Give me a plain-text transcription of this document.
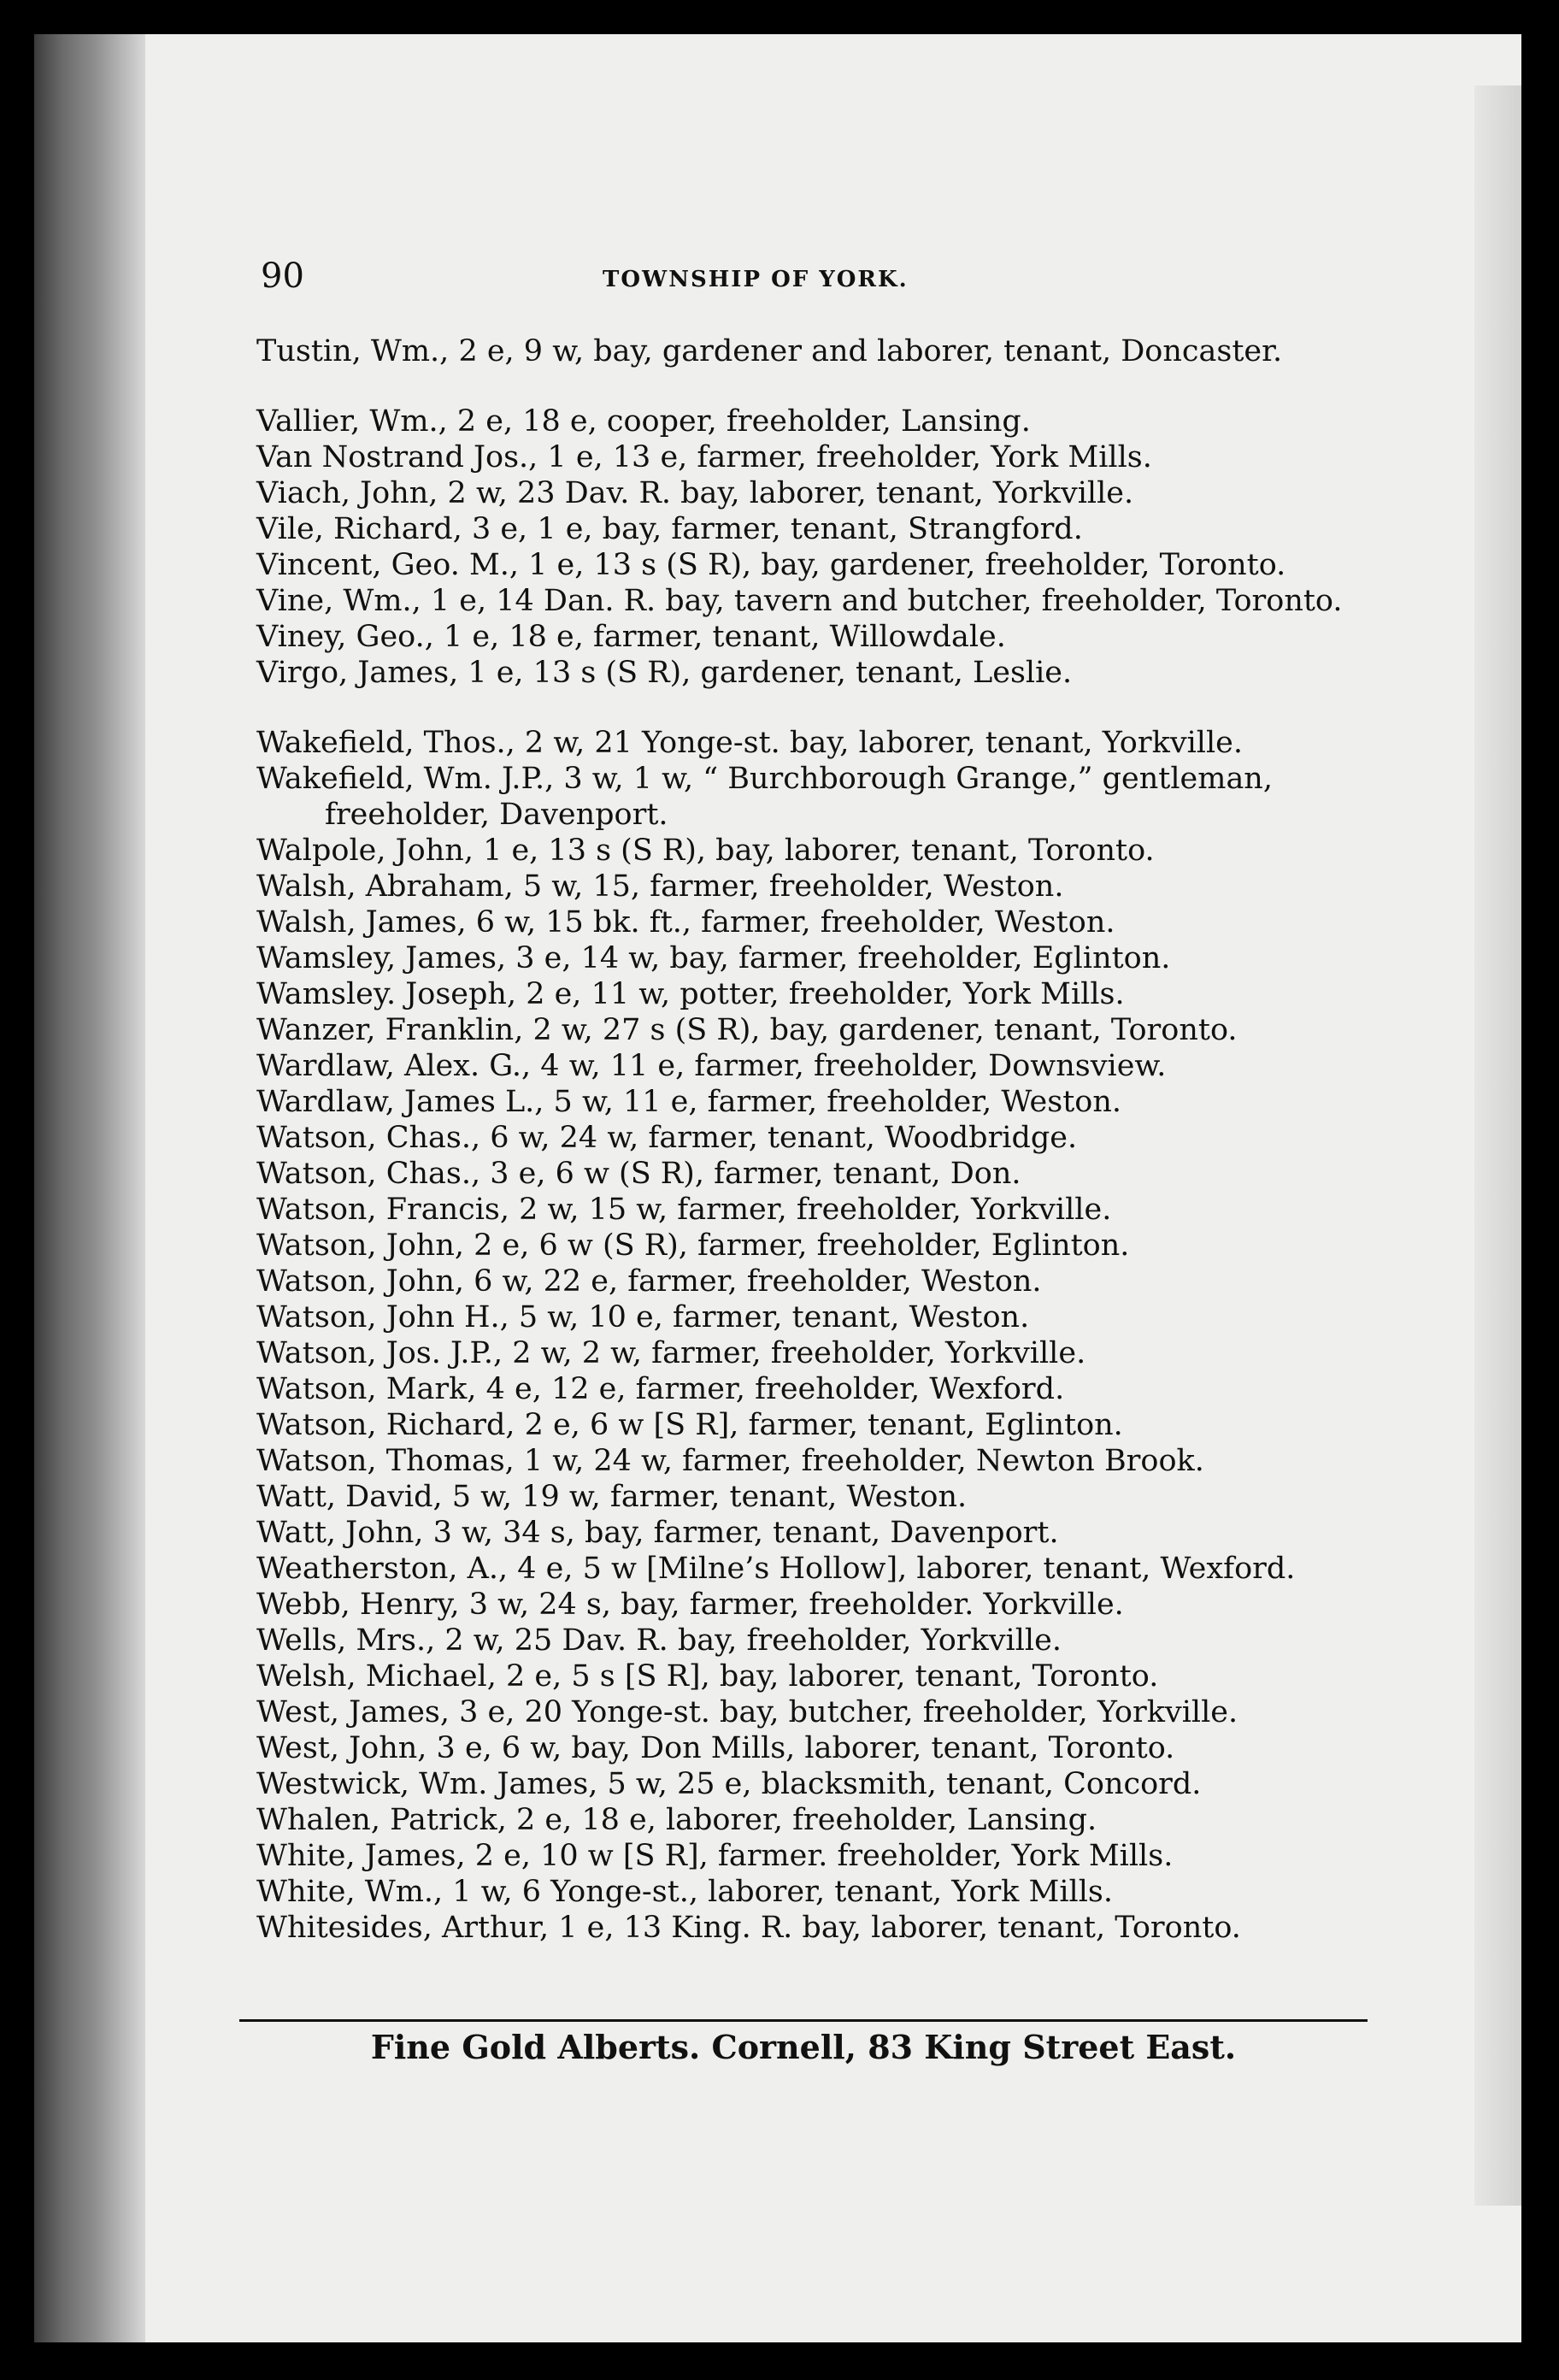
90	TOWNSHIP OF YORK.
Tustin, Wm., 2 e, 9 w, bay, gardener and laborer, tenant, Doncaster.
Vallier, Wm., 2 e, 18 e, cooper, freeholder, Lansing.
Van Nostrand Jos., 1 e, 13 e, farmer, freeholder, York Mills.
Viach, John, 2 w, 23 Dav. R. bay, laborer, tenant, Yorkville.
Vile, Richard, 3 e, 1 e, bay, farmer, tenant, Strangford.
Vincent, Geo. M., 1 e, 13 s (S R), bay, gardener, freeholder, Toronto.
Vine, Wm., 1 e, 14 Dan. R. bay, tavern and butcher, freeholder, Toronto.
Viney, Geo., 1 e, 18 e, farmer, tenant, Willowdale.
Virgo, James, 1 e, 13 s (S R), gardener, tenant, Leslie.
Wakefield, Thos., 2 w, 21 Yonge-st. bay, laborer, tenant, Yorkville.
Wakefield, Wm. J.P., 3 w, 1 w, “ Burchborough Grange,” gentleman, freeholder, Davenport.
Walpole, John, 1 e, 13 s (S R), bay, laborer, tenant, Toronto.
Walsh, Abraham, 5 w, 15, farmer, freeholder, Weston.
Walsh, James, 6 w, 15 bk. ft., farmer, freeholder, Weston.
Wamsley, James, 3 e, 14 w, bay, farmer, freeholder, Eglinton.
Wamsley. Joseph, 2 e, 11 w, potter, freeholder, York Mills.
Wanzer, Franklin, 2 w, 27 s (S R), bay, gardener, tenant, Toronto.
Wardlaw, Alex. G., 4 w, 11 e, farmer, freeholder, Downsview.
Wardlaw, James L., 5 w, 11 e, farmer, freeholder, Weston.
Watson, Chas., 6 w, 24 w, farmer, tenant, Woodbridge.
Watson, Chas., 3 e, 6 w (S R), farmer, tenant, Don.
Watson, Francis, 2 w, 15 w, farmer, freeholder, Yorkville.
Watson, John, 2 e, 6 w (S R), farmer, freeholder, Eglinton.
Watson, John, 6 w, 22 e, farmer, freeholder, Weston.
Watson, John H., 5 w, 10 e, farmer, tenant, Weston.
Watson, Jos. J.P., 2 w, 2 w, farmer, freeholder, Yorkville.
Watson, Mark, 4 e, 12 e, farmer, freeholder, Wexford.
Watson, Richard, 2 e, 6 w [S R], farmer, tenant, Eglinton.
Watson, Thomas, 1 w, 24 w, farmer, freeholder, Newton Brook.
Watt, David, 5 w, 19 w, farmer, tenant, Weston.
Watt, John, 3 w, 34 s, bay, farmer, tenant, Davenport.
Weatherston, A., 4 e, 5 w [Milne’s Hollow], laborer, tenant, Wexford.
Webb, Henry, 3 w, 24 s, bay, farmer, freeholder. Yorkville.
Wells, Mrs., 2 w, 25 Dav. R. bay, freeholder, Yorkville.
Welsh, Michael, 2 e, 5 s [S R], bay, laborer, tenant, Toronto.
West, James, 3 e, 20 Yonge-st. bay, butcher, freeholder, Yorkville.
West, John, 3 e, 6 w, bay, Don Mills, laborer, tenant, Toronto.
Westwick, Wm. James, 5 w, 25 e, blacksmith, tenant, Concord.
Whalen, Patrick, 2 e, 18 e, laborer, freeholder, Lansing.
White, James, 2 e, 10 w [S R], farmer. freeholder, York Mills.
White, Wm., 1 w, 6 Yonge-st., laborer, tenant, York Mills.
Whitesides, Arthur, 1 e, 13 King. R. bay, laborer, tenant, Toronto.
Fine Gold Alberts. Cornell, 83 King Street East.
